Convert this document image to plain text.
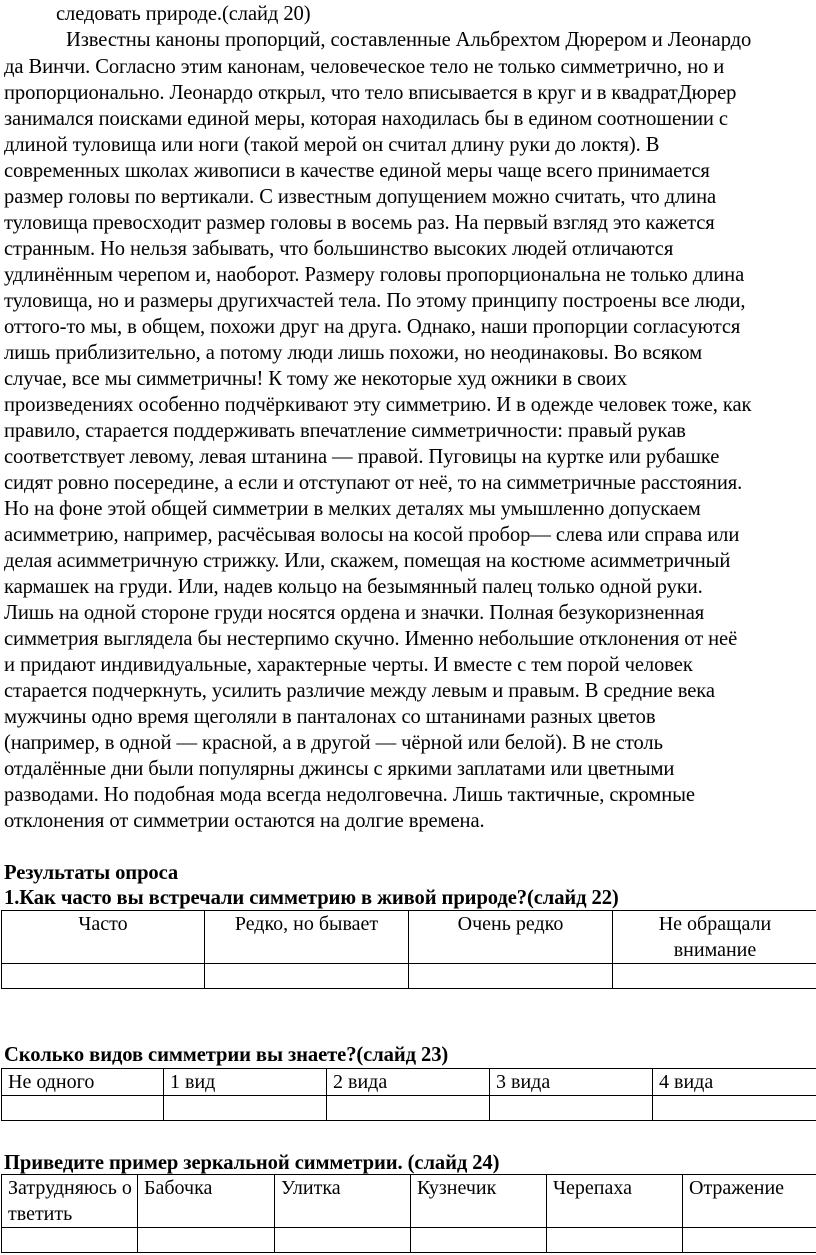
следовать природе.(слайд 20)
Известны каноны пропорций, составленные Альбрехтом Дюрером и Леонардо
да Винчи. Согласно этим канонам, человеческое тело не только симметрично, но и
пропорционально. Леонардо открыл, что тело вписывается в круг и в квадратДюрер
занимался поисками единой меры, которая находилась бы в едином соотношении с
длиной туловища или ноги (такой мерой он считал длину руки до локтя). В
современных школах живописи в качестве единой меры чаще всего принимается
размер головы по вертикали. С известным допущением можно считать, что длина
туловища превосходит размер головы в восемь раз. На первый взгляд это кажется
странным. Но нельзя забывать, что большинство высоких людей отличаются
удлинённым черепом и, наоборот. Размеру головы пропорциональна не только длина
туловища, но и размеры другихчастей тела. По этому принципу построены все люди,
оттого-то мы, в общем, похожи друг на друга. Однако, наши пропорции согласуются
лишь приблизительно, а потому люди лишь похожи, но неодинаковы. Во всяком
случае, все мы симметричны! К тому же некоторые худ ожники в своих
произведениях особенно подчёркивают эту симметрию. И в одежде человек тоже, как
правило, старается поддерживать впечатление симметричности: правый рукав
соответствует левому, левая штанина — правой. Пуговицы на куртке или рубашке
сидят ровно посередине, а если и отступают от неё, то на симметричные расстояния.
Но на фоне этой общей симметрии в мелких деталях мы умышленно допускаем
асимметрию, например, расчёсывая волосы на косой пробор— слева или справа или
делая асимметричную стрижку. Или, скажем, помещая на костюме асимметричный
кармашек на груди. Или, надев кольцо на безымянный палец только одной руки.
Лишь на одной стороне груди носятся ордена и значки. Полная безукоризненная
симметрия выглядела бы нестерпимо скучно. Именно небольшие отклонения от неё
и придают индивидуальные, характерные черты. И вместе с тем порой человек
старается подчеркнуть, усилить различие между левым и правым. В средние века
мужчины одно время щеголяли в панталонах со штанинами разных цветов
(например, в одной — красной, а в другой — чёрной или белой). В не столь
отдалённые дни были популярны джинсы с яркими заплатами или цветными
разводами. Но подобная мода всегда недолговечна. Лишь тактичные, скромные
отклонения от симметрии остаются на долгие времена.
Результаты опроса
1.Как часто вы встречали симметрию в живой природе?(слайд 22)
Часто	Редко, но бывает	Очень редко	Не обращали внимание

Сколько видов симметрии вы знаете?(слайд 23)
Не одного	1 вид	2 вида	3 вида	4 вида

Приведите пример зеркальной симметрии. (слайд 24)
Затрудняюсь ответить	Бабочка	Улитка	Кузнечик	Черепаха	Отражение
